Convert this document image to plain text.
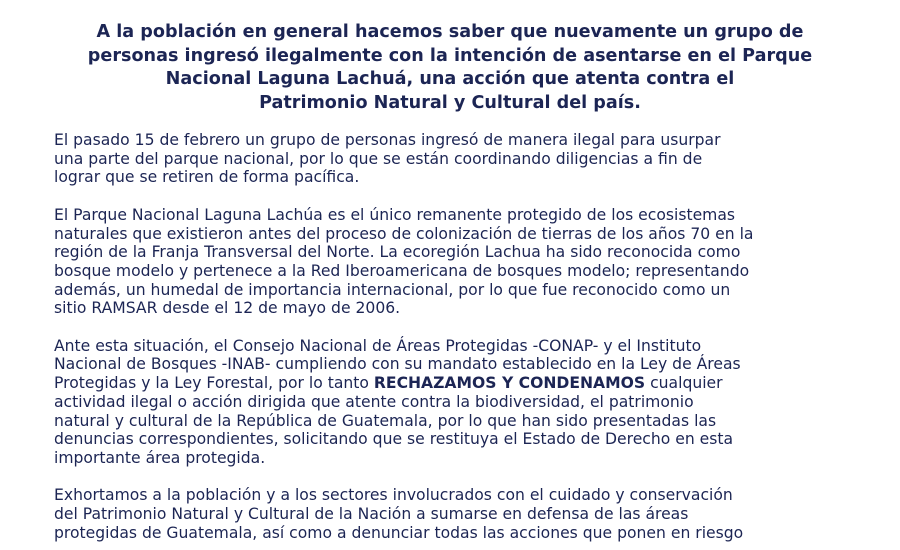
A la población en general hacemos saber que nuevamente un grupo de
personas ingresó ilegalmente con la intención de asentarse en el Parque
Nacional Laguna Lachuá, una acción que atenta contra el
Patrimonio Natural y Cultural del país.

El pasado 15 de febrero un grupo de personas ingresó de manera ilegal para usurpar
una parte del parque nacional, por lo que se están coordinando diligencias a fin de
lograr que se retiren de forma pacífica.

El Parque Nacional Laguna Lachúa es el único remanente protegido de los ecosistemas
naturales que existieron antes del proceso de colonización de tierras de los años 70 en la
región de la Franja Transversal del Norte. La ecoregión Lachua ha sido reconocida como
bosque modelo y pertenece a la Red Iberoamericana de bosques modelo; representando
además, un humedal de importancia internacional, por lo que fue reconocido como un
sitio RAMSAR desde el 12 de mayo de 2006.

Ante esta situación, el Consejo Nacional de Áreas Protegidas -CONAP- y el Instituto
Nacional de Bosques -INAB- cumpliendo con su mandato establecido en la Ley de Áreas
Protegidas y la Ley Forestal, por lo tanto RECHAZAMOS Y CONDENAMOS cualquier
actividad ilegal o acción dirigida que atente contra la biodiversidad, el patrimonio
natural y cultural de la República de Guatemala, por lo que han sido presentadas las
denuncias correspondientes, solicitando que se restituya el Estado de Derecho en esta
importante área protegida.

Exhortamos a la población y a los sectores involucrados con el cuidado y conservación
del Patrimonio Natural y Cultural de la Nación a sumarse en defensa de las áreas
protegidas de Guatemala, así como a denunciar todas las acciones que ponen en riesgo
